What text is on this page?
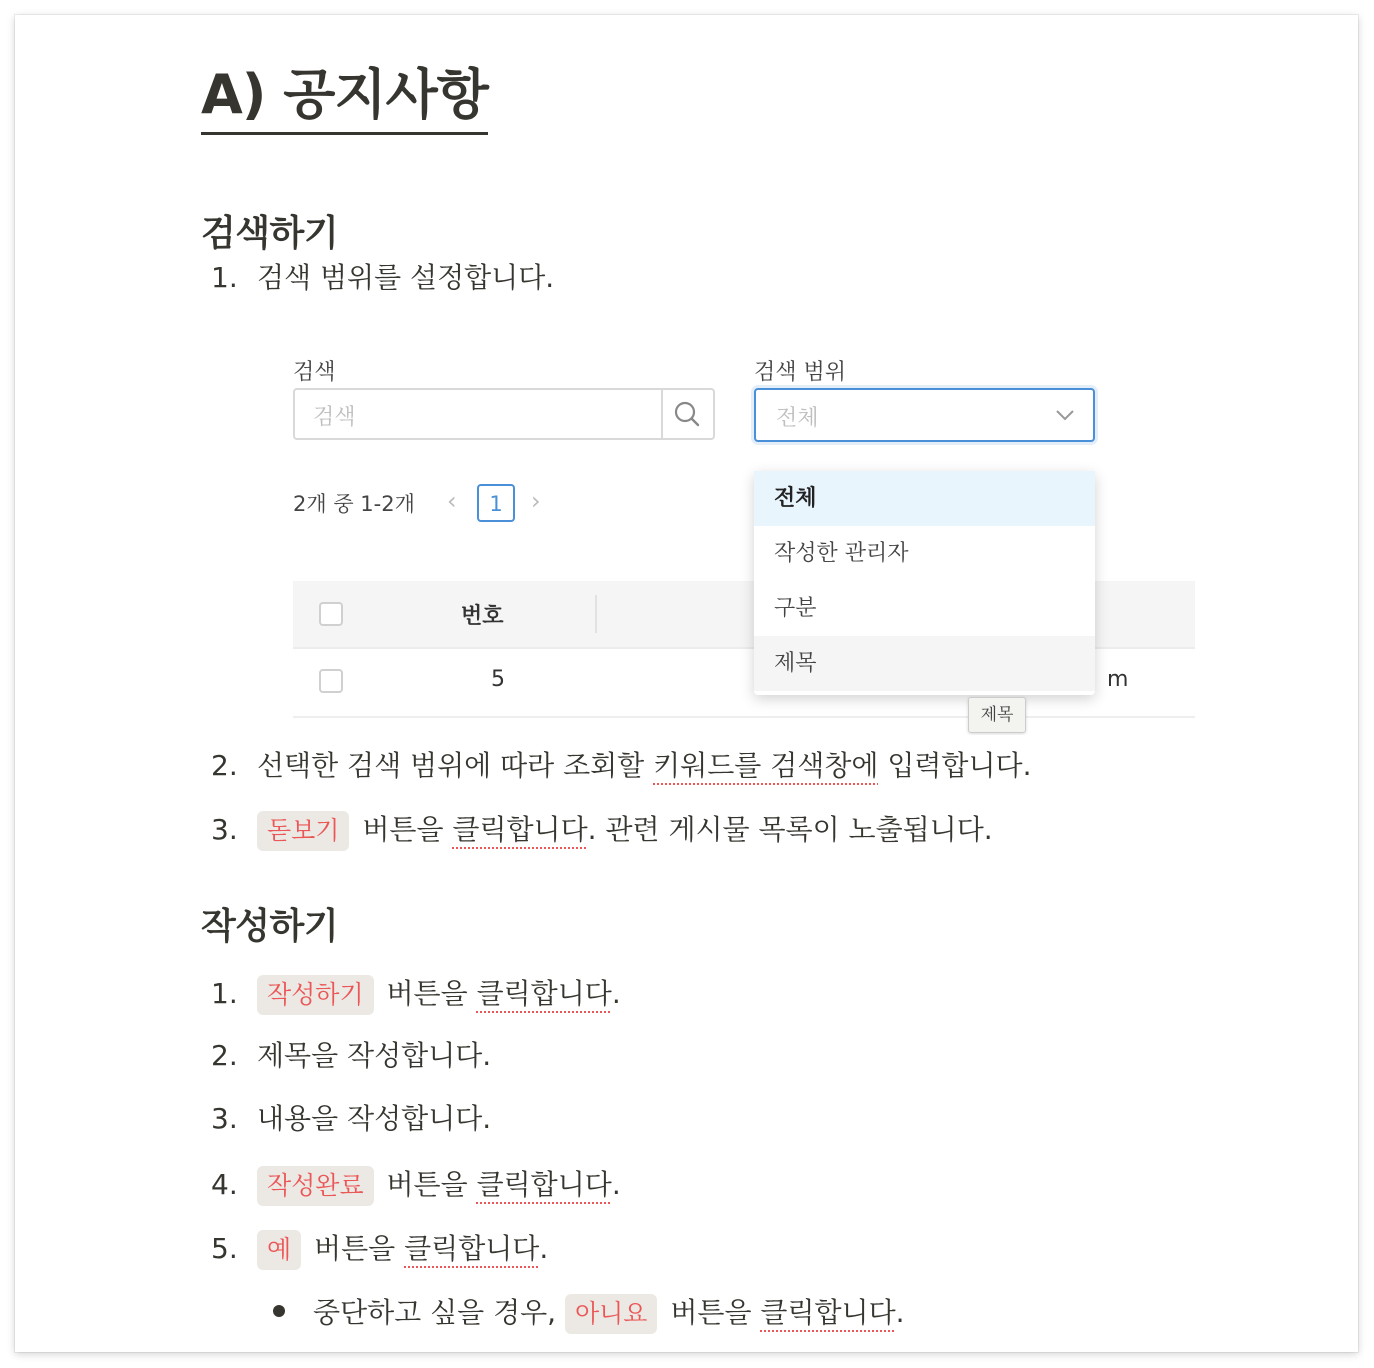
A) 공지사항
검색하기
1. 검색 범위를 설정합니다.
검색	검색 범위
검색	전체
2개 중 1-2개 ‹	1	›
번호
5	m
전체
작성한 관리자
구분
제목
제목
2. 선택한 검색 범위에 따라 조회할 키워드를 검색창에 입력합니다.
3. 돋보기 버튼을 클릭합니다. 관련 게시물 목록이 노출됩니다.
작성하기
1. 작성하기 버튼을 클릭합니다.
2. 제목을 작성합니다.
3. 내용을 작성합니다.
4. 작성완료 버튼을 클릭합니다.
5. 예 버튼을 클릭합니다.
중단하고 싶을 경우, 아니요 버튼을 클릭합니다.
